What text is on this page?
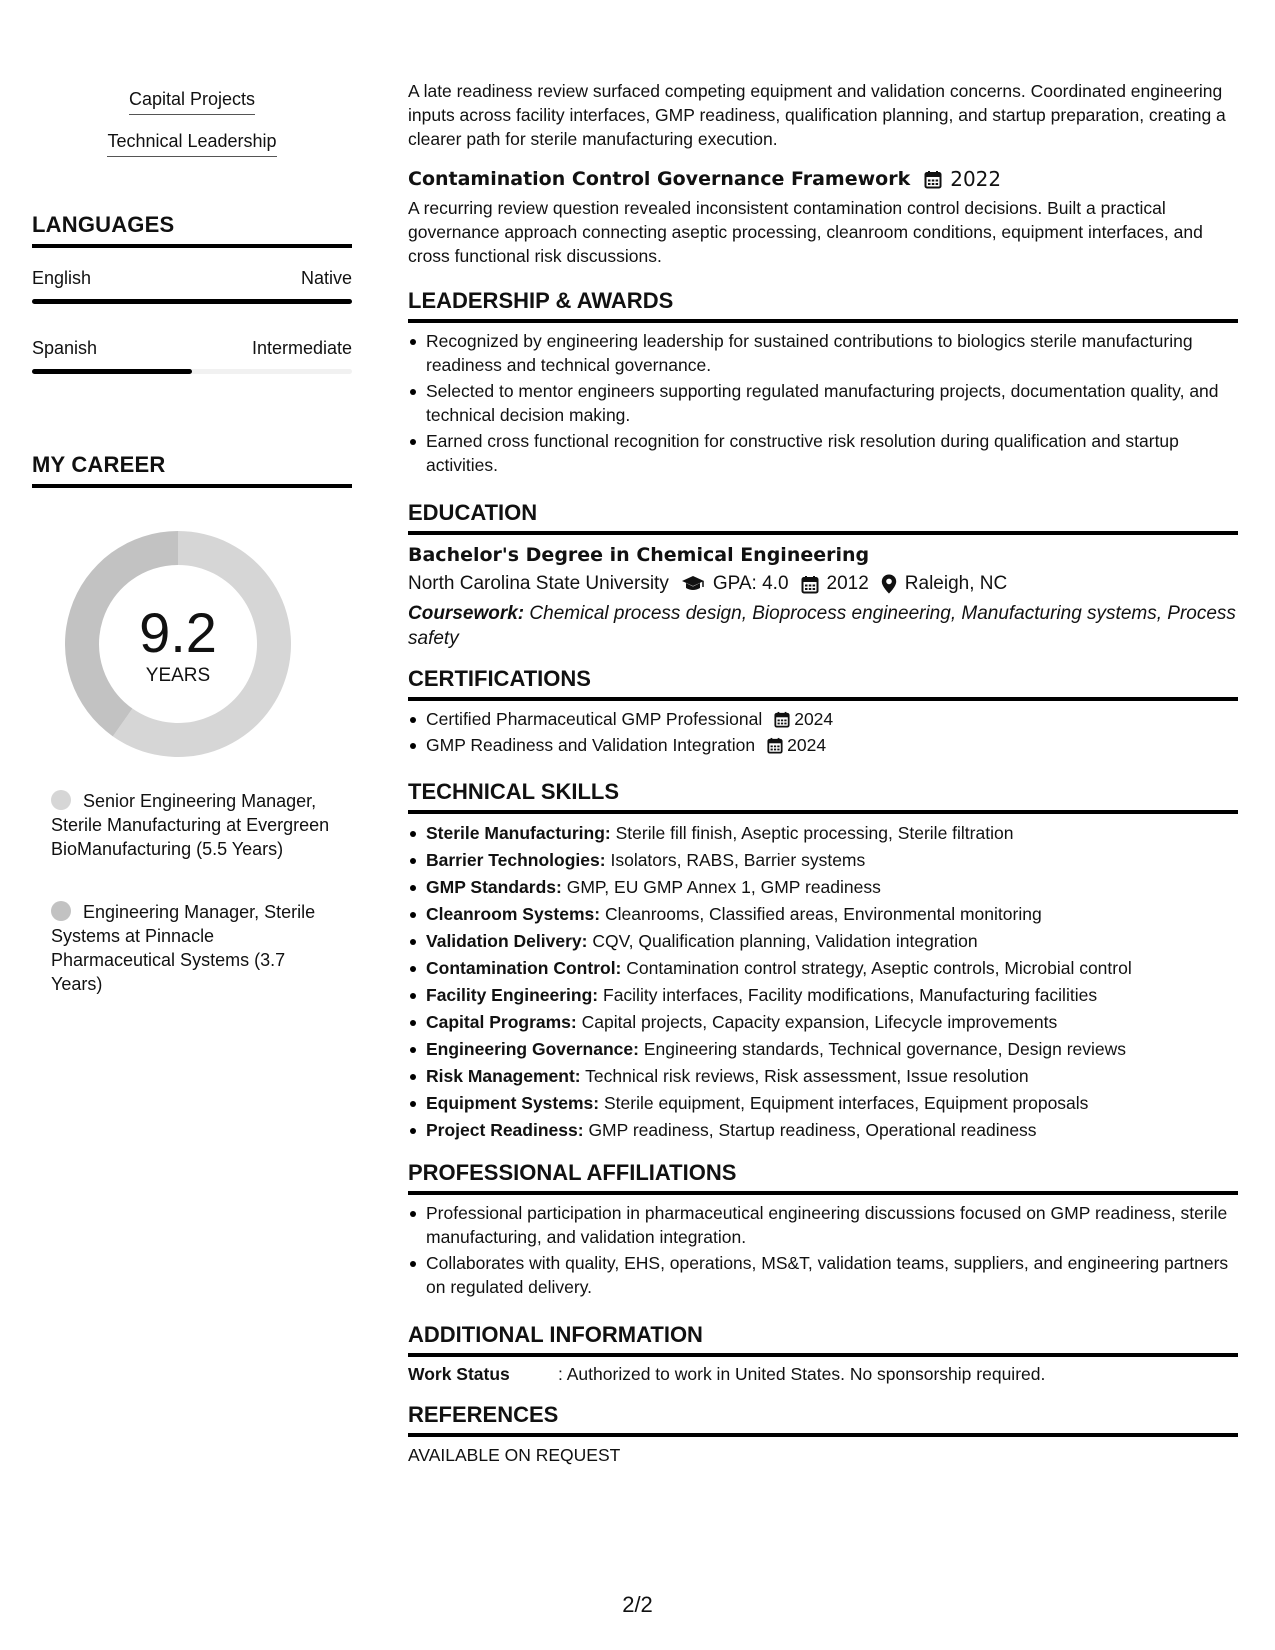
Capital Projects
Technical Leadership
LANGUAGES
English	Native
Spanish	Intermediate
MY CAREER
9.2
YEARS
Senior Engineering Manager, Sterile Manufacturing at Evergreen BioManufacturing (5.5 Years)
Engineering Manager, Sterile Systems at Pinnacle Pharmaceutical Systems (3.7 Years)
A late readiness review surfaced competing equipment and validation concerns. Coordinated engineering inputs across facility interfaces, GMP readiness, qualification planning, and startup preparation, creating a clearer path for sterile manufacturing execution.
Contamination Control Governance Framework 2022
A recurring review question revealed inconsistent contamination control decisions. Built a practical governance approach connecting aseptic processing, cleanroom conditions, equipment interfaces, and cross functional risk discussions.
LEADERSHIP & AWARDS
Recognized by engineering leadership for sustained contributions to biologics sterile manufacturing readiness and technical governance.
Selected to mentor engineers supporting regulated manufacturing projects, documentation quality, and technical decision making.
Earned cross functional recognition for constructive risk resolution during qualification and startup activities.
EDUCATION
Bachelor's Degree in Chemical Engineering
North Carolina State University GPA: 4.0 2012 Raleigh, NC
Coursework: Chemical process design, Bioprocess engineering, Manufacturing systems, Process safety
CERTIFICATIONS
Certified Pharmaceutical GMP Professional 2024
GMP Readiness and Validation Integration 2024
TECHNICAL SKILLS
Sterile Manufacturing: Sterile fill finish, Aseptic processing, Sterile filtration
Barrier Technologies: Isolators, RABS, Barrier systems
GMP Standards: GMP, EU GMP Annex 1, GMP readiness
Cleanroom Systems: Cleanrooms, Classified areas, Environmental monitoring
Validation Delivery: CQV, Qualification planning, Validation integration
Contamination Control: Contamination control strategy, Aseptic controls, Microbial control
Facility Engineering: Facility interfaces, Facility modifications, Manufacturing facilities
Capital Programs: Capital projects, Capacity expansion, Lifecycle improvements
Engineering Governance: Engineering standards, Technical governance, Design reviews
Risk Management: Technical risk reviews, Risk assessment, Issue resolution
Equipment Systems: Sterile equipment, Equipment interfaces, Equipment proposals
Project Readiness: GMP readiness, Startup readiness, Operational readiness
PROFESSIONAL AFFILIATIONS
Professional participation in pharmaceutical engineering discussions focused on GMP readiness, sterile manufacturing, and validation integration.
Collaborates with quality, EHS, operations, MS&T, validation teams, suppliers, and engineering partners on regulated delivery.
ADDITIONAL INFORMATION
Work Status	: Authorized to work in United States. No sponsorship required.
REFERENCES
AVAILABLE ON REQUEST
2/2
